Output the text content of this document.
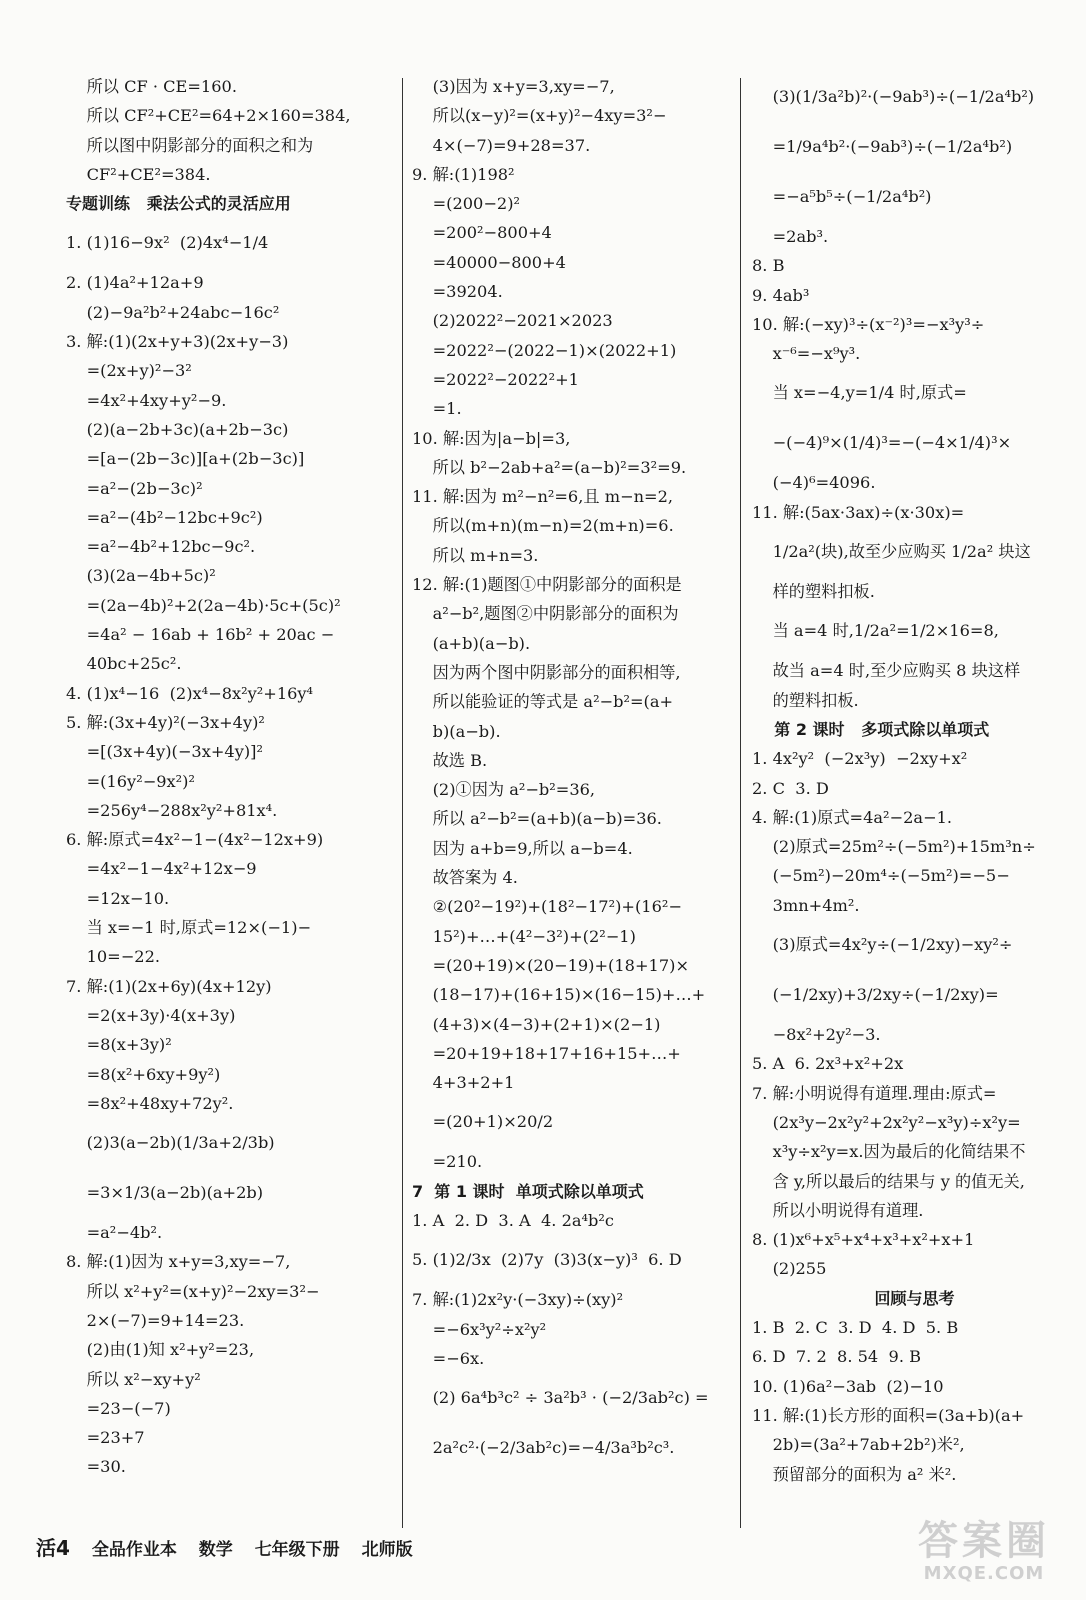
所以 CF · CE=160.
所以 CF²+CE²=64+2×160=384,
所以图中阴影部分的面积之和为
CF²+CE²=384.
专题训练   乘法公式的灵活应用
1. (1)16−9x²  (2)4x⁴−1/4
2. (1)4a²+12a+9
(2)−9a²b²+24abc−16c²
3. 解:(1)(2x+y+3)(2x+y−3)
=(2x+y)²−3²
=4x²+4xy+y²−9.
(2)(a−2b+3c)(a+2b−3c)
=[a−(2b−3c)][a+(2b−3c)]
=a²−(2b−3c)²
=a²−(4b²−12bc+9c²)
=a²−4b²+12bc−9c².
(3)(2a−4b+5c)²
=(2a−4b)²+2(2a−4b)·5c+(5c)²
=4a² − 16ab + 16b² + 20ac −
40bc+25c².
4. (1)x⁴−16  (2)x⁴−8x²y²+16y⁴
5. 解:(3x+4y)²(−3x+4y)²
=[(3x+4y)(−3x+4y)]²
=(16y²−9x²)²
=256y⁴−288x²y²+81x⁴.
6. 解:原式=4x²−1−(4x²−12x+9)
=4x²−1−4x²+12x−9
=12x−10.
当 x=−1 时,原式=12×(−1)−
10=−22.
7. 解:(1)(2x+6y)(4x+12y)
=2(x+3y)·4(x+3y)
=8(x+3y)²
=8(x²+6xy+9y²)
=8x²+48xy+72y².
(2)3(a−2b)(1/3a+2/3b)
=3×1/3(a−2b)(a+2b)
=a²−4b².
8. 解:(1)因为 x+y=3,xy=−7,
所以 x²+y²=(x+y)²−2xy=3²−
2×(−7)=9+14=23.
(2)由(1)知 x²+y²=23,
所以 x²−xy+y²
=23−(−7)
=23+7
=30.
(3)因为 x+y=3,xy=−7,
所以(x−y)²=(x+y)²−4xy=3²−
4×(−7)=9+28=37.
9. 解:(1)198²
=(200−2)²
=200²−800+4
=40000−800+4
=39204.
(2)2022²−2021×2023
=2022²−(2022−1)×(2022+1)
=2022²−2022²+1
=1.
10. 解:因为|a−b|=3,
所以 b²−2ab+a²=(a−b)²=3²=9.
11. 解:因为 m²−n²=6,且 m−n=2,
所以(m+n)(m−n)=2(m+n)=6.
所以 m+n=3.
12. 解:(1)题图①中阴影部分的面积是
a²−b²,题图②中阴影部分的面积为
(a+b)(a−b).
因为两个图中阴影部分的面积相等,
所以能验证的等式是 a²−b²=(a+
b)(a−b).
故选 B.
(2)①因为 a²−b²=36,
所以 a²−b²=(a+b)(a−b)=36.
因为 a+b=9,所以 a−b=4.
故答案为 4.
②(20²−19²)+(18²−17²)+(16²−
15²)+…+(4²−3²)+(2²−1)
=(20+19)×(20−19)+(18+17)×
(18−17)+(16+15)×(16−15)+…+
(4+3)×(4−3)+(2+1)×(2−1)
=20+19+18+17+16+15+…+
4+3+2+1
=(20+1)×20/2
=210.
7  第 1 课时  单项式除以单项式
1. A  2. D  3. A  4. 2a⁴b²c
5. (1)2/3x  (2)7y  (3)3(x−y)³  6. D
7. 解:(1)2x²y·(−3xy)÷(xy)²
=−6x³y²÷x²y²
=−6x.
(2) 6a⁴b³c² ÷ 3a²b³ · (−2/3ab²c) =
2a²c²·(−2/3ab²c)=−4/3a³b²c³.
(3)(1/3a²b)²·(−9ab³)÷(−1/2a⁴b²)
=1/9a⁴b²·(−9ab³)÷(−1/2a⁴b²)
=−a⁵b⁵÷(−1/2a⁴b²)
=2ab³.
8. B
9. 4ab³
10. 解:(−xy)³÷(x⁻²)³=−x³y³÷
x⁻⁶=−x⁹y³.
当 x=−4,y=1/4 时,原式=
−(−4)⁹×(1/4)³=−(−4×1/4)³×
(−4)⁶=4096.
11. 解:(5ax·3ax)÷(x·30x)=
1/2a²(块),故至少应购买 1/2a² 块这
样的塑料扣板.
当 a=4 时,1/2a²=1/2×16=8,
故当 a=4 时,至少应购买 8 块这样
的塑料扣板.
第 2 课时   多项式除以单项式
1. 4x²y²  (−2x³y)  −2xy+x²
2. C  3. D
4. 解:(1)原式=4a²−2a−1.
(2)原式=25m²÷(−5m²)+15m³n÷
(−5m²)−20m⁴÷(−5m²)=−5−
3mn+4m².
(3)原式=4x²y÷(−1/2xy)−xy²÷
(−1/2xy)+3/2xy÷(−1/2xy)=
−8x²+2y²−3.
5. A  6. 2x³+x²+2x
7. 解:小明说得有道理.理由:原式=
(2x³y−2x²y²+2x²y²−x³y)÷x²y=
x³y÷x²y=x.因为最后的化简结果不
含 y,所以最后的结果与 y 的值无关,
所以小明说得有道理.
8. (1)x⁶+x⁵+x⁴+x³+x²+x+1
(2)255
回顾与思考
1. B  2. C  3. D  4. D  5. B
6. D  7. 2  8. 54  9. B
10. (1)6a²−3ab  (2)−10
11. 解:(1)长方形的面积=(3a+b)(a+
2b)=(3a²+7ab+2b²)米²,
预留部分的面积为 a² 米².
活4 全品作业本 数学 七年级下册 北师版	答案圈
MXQE.COM
